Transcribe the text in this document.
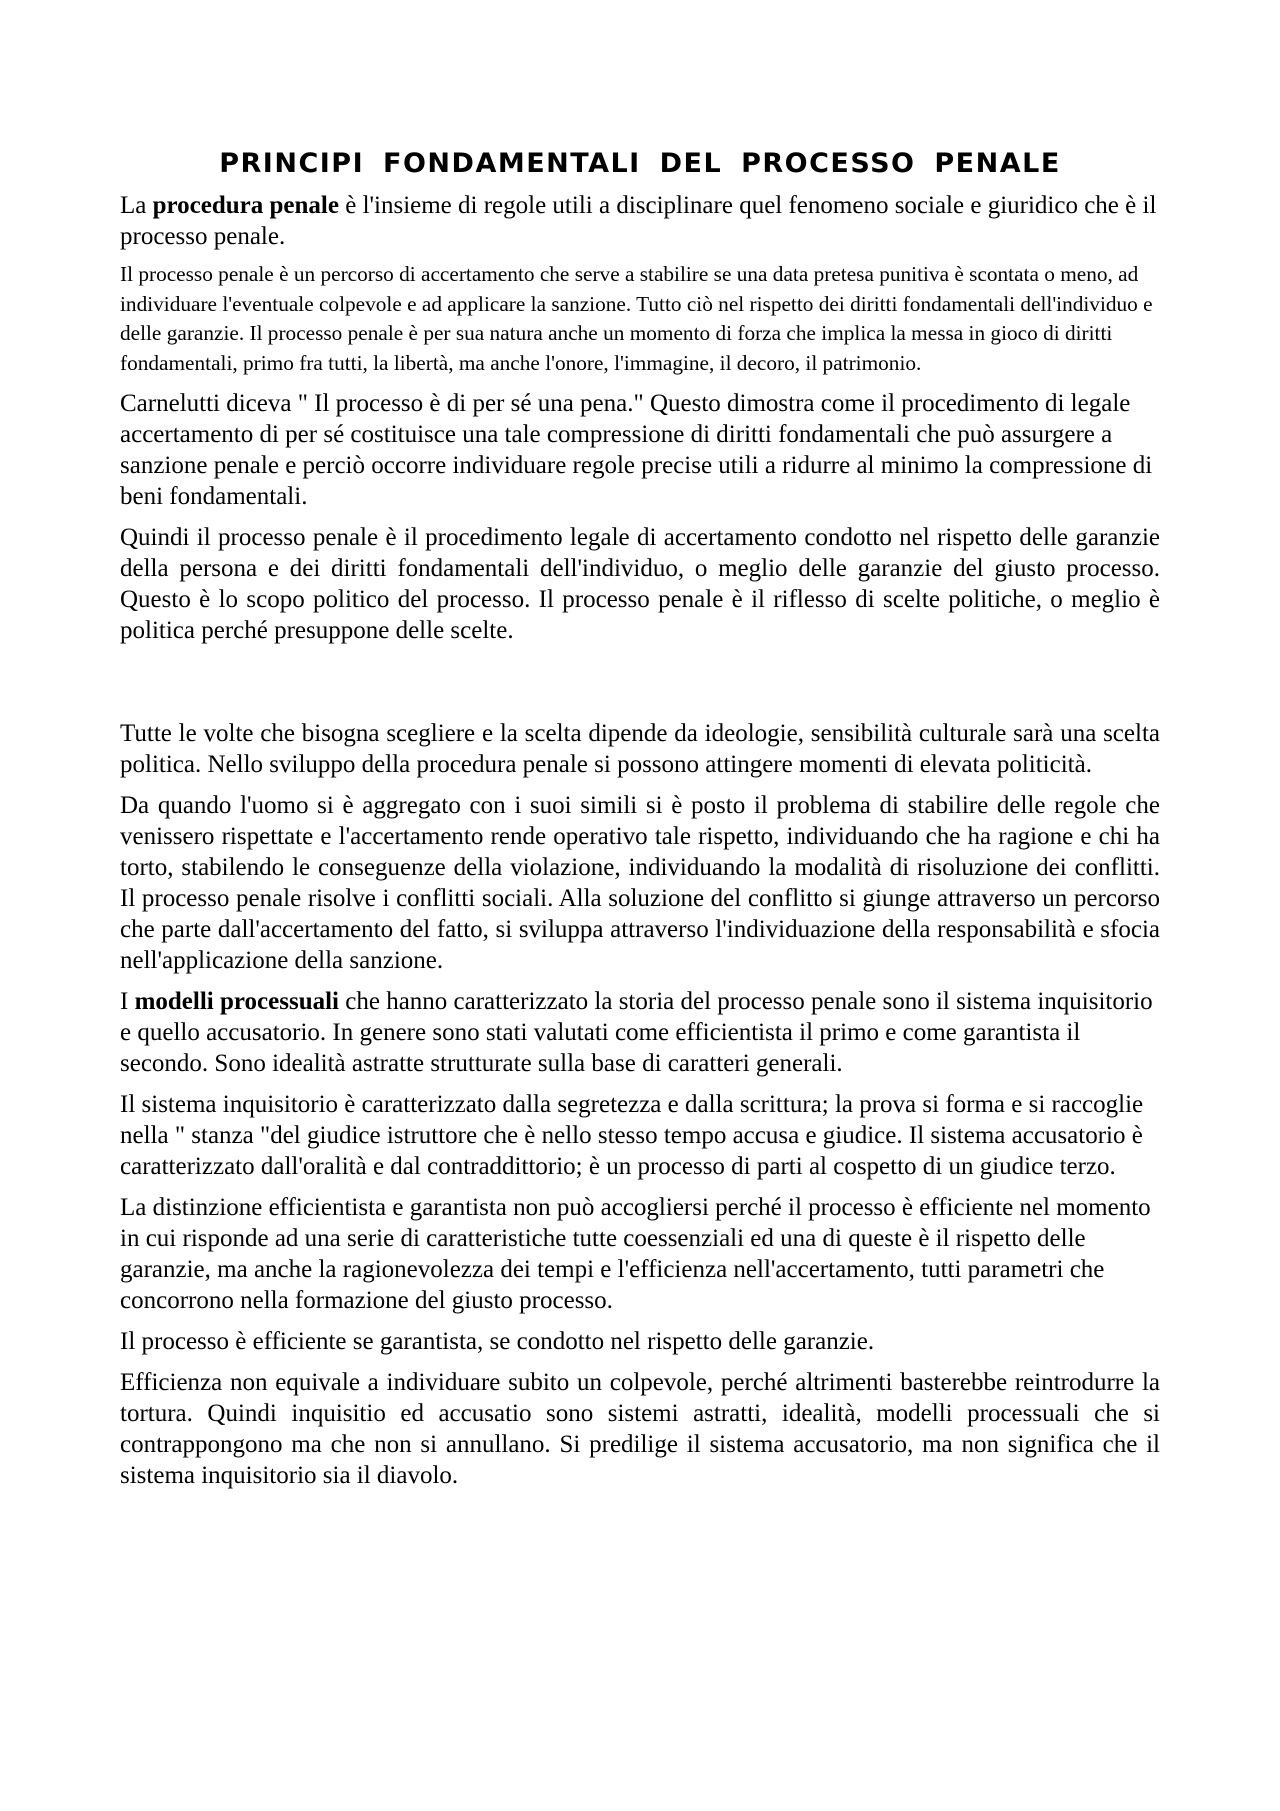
PRINCIPI FONDAMENTALI DEL PROCESSO PENALE

La procedura penale è l'insieme di regole utili a disciplinare quel fenomeno sociale e giuridico che è il processo penale.

Il processo penale è un percorso di accertamento che serve a stabilire se una data pretesa punitiva è scontata o meno, ad individuare l'eventuale colpevole e ad applicare la sanzione. Tutto ciò nel rispetto dei diritti fondamentali dell'individuo e delle garanzie. Il processo penale è per sua natura anche un momento di forza che implica la messa in gioco di diritti fondamentali, primo fra tutti, la libertà, ma anche l'onore, l'immagine, il decoro, il patrimonio.

Carnelutti diceva " Il processo è di per sé una pena." Questo dimostra come il procedimento di legale accertamento di per sé costituisce una tale compressione di diritti fondamentali che può assurgere a sanzione penale e perciò occorre individuare regole precise utili a ridurre al minimo la compressione di beni fondamentali.

Quindi il processo penale è il procedimento legale di accertamento condotto nel rispetto delle garanzie della persona e dei diritti fondamentali dell'individuo, o meglio delle garanzie del giusto processo. Questo è lo scopo politico del processo. Il processo penale è il riflesso di scelte politiche, o meglio è politica perché presuppone delle scelte.

Tutte le volte che bisogna scegliere e la scelta dipende da ideologie, sensibilità culturale sarà una scelta politica. Nello sviluppo della procedura penale si possono attingere momenti di elevata politicità.

Da quando l'uomo si è aggregato con i suoi simili si è posto il problema di stabilire delle regole che venissero rispettate e l'accertamento rende operativo tale rispetto, individuando che ha ragione e chi ha torto, stabilendo le conseguenze della violazione, individuando la modalità di risoluzione dei conflitti. Il processo penale risolve i conflitti sociali. Alla soluzione del conflitto si giunge attraverso un percorso che parte dall'accertamento del fatto, si sviluppa attraverso l'individuazione della responsabilità e sfocia nell'applicazione della sanzione.

I modelli processuali che hanno caratterizzato la storia del processo penale sono il sistema inquisitorio e quello accusatorio. In genere sono stati valutati come efficientista il primo e come garantista il secondo. Sono idealità astratte strutturate sulla base di caratteri generali.

Il sistema inquisitorio è caratterizzato dalla segretezza e dalla scrittura; la prova si forma e si raccoglie nella " stanza "del giudice istruttore che è nello stesso tempo accusa e giudice. Il sistema accusatorio è caratterizzato dall'oralità e dal contraddittorio; è un processo di parti al cospetto di un giudice terzo.

La distinzione efficientista e garantista non può accogliersi perché il processo è efficiente nel momento in cui risponde ad una serie di caratteristiche tutte coessenziali ed una di queste è il rispetto delle garanzie, ma anche la ragionevolezza dei tempi e l'efficienza nell'accertamento, tutti parametri che concorrono nella formazione del giusto processo.

Il processo è efficiente se garantista, se condotto nel rispetto delle garanzie.

Efficienza non equivale a individuare subito un colpevole, perché altrimenti basterebbe reintrodurre la tortura. Quindi inquisitio ed accusatio sono sistemi astratti, idealità, modelli processuali che si contrappongono ma che non si annullano. Si predilige il sistema accusatorio, ma non significa che il sistema inquisitorio sia il diavolo.
